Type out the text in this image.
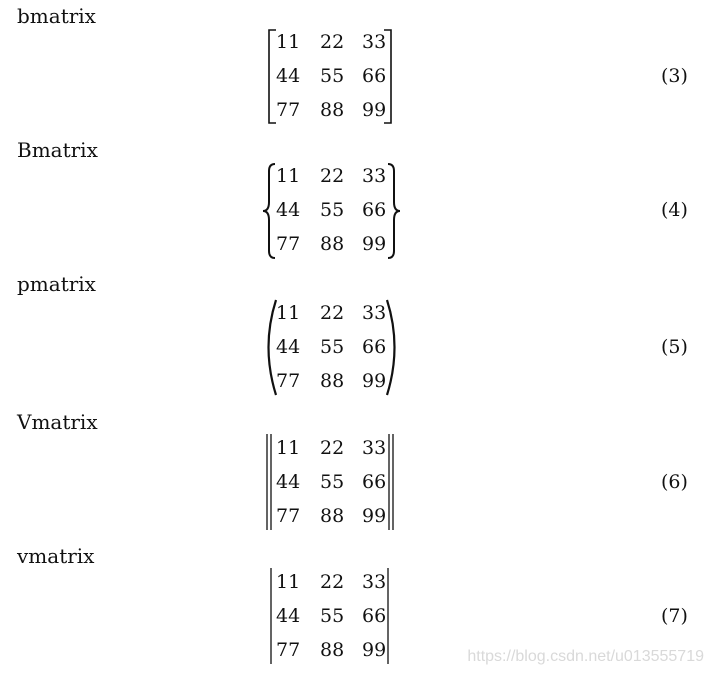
bmatrix
11 22 33
44 55 66
77 88 99
(3)
Bmatrix
11 22 33
44 55 66
77 88 99
(4)
pmatrix
11 22 33
44 55 66
77 88 99
(5)
Vmatrix
11 22 33
44 55 66
77 88 99
(6)
vmatrix
11 22 33
44 55 66
77 88 99
(7)
https://blog.csdn.net/u013555719
